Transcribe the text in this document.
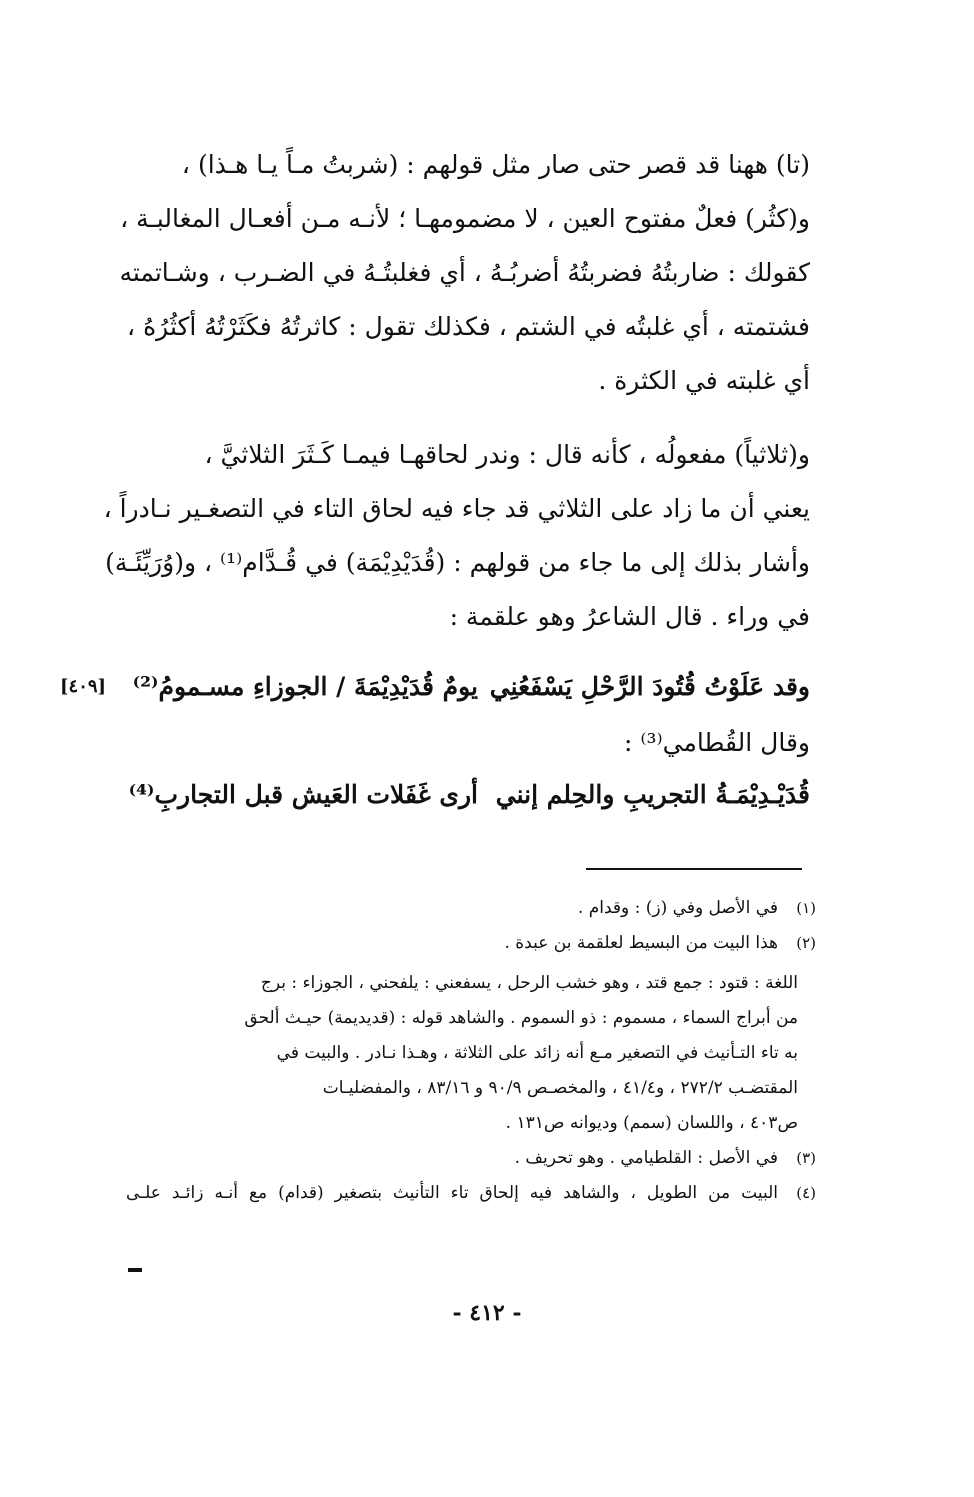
(تا) ههنا قد قصر حتى صار مثل قولهم : (شربتُ مـاً يـا هـذا) ،
و(كثُر) فعلٌ مفتوح العين ، لا مضمومهـا ؛ لأنـه مـن أفعـال المغالبـة ،
كقولك : ضاربتُهُ فضربتُهُ أضربُـهُ ، أي فغلبتُـهُ في الضـرب ، وشـاتمته
فشتمته ، أي غلبتُه في الشتم ، فكذلك تقول : كاثرتُهُ فكَثَرْتُهُ أكثُرُهُ ،
أي غلبته في الكثرة .
و(ثلاثياً) مفعولُه ، كأنه قال : وندر لحاقهـا فيمـا كَـثَرَ الثلاثيَّ ،
يعني أن ما زاد على الثلاثي قد جاء فيه لحاق التاء في التصغـير نـادراً ،
وأشار بذلك إلى ما جاء من قولهم : (قُدَيْدِيْمَة) في قُـدَّام⁽¹⁾ ، و(وُرَيِّئَـة)
في وراء . قال الشاعرُ وهو علقمة :
وقد عَلَوْتُ قُتُودَ الرَّحْلِ يَسْفَعُنِي
يومٌ قُدَيْدِيْمَةَ / الجوزاءِ مسـمومُ⁽²⁾
[٤٠٩]
وقال القُطامي⁽³⁾ :
أرى غَفَلات العَيش قبل التجاربِ⁽⁴⁾ قُدَيْـدِيْمَـةُ التجريبِ والحِلم إنني
(١)
في الأصل وفي (ز) : وقدام .
(٢)
هذا البيت من البسيط لعلقمة بن عبدة .
اللغة : قتود : جمع قتد ، وهو خشب الرحل ، يسفعني : يلفحني ، الجوزاء : برج
من أبراج السماء ، مسموم : ذو السموم . والشاهد قوله : (قديديمة) حيـث ألحق
به تاء التـأنيث في التصغير مـع أنه زائد على الثلاثة ، وهـذا نـادر . والبيت في
المقتضـب ٢٧٢/٢ ، و٤١/٤ ، والمخصـص ٩٠/٩ و ٨٣/١٦ ، والمفضليـات
ص٤٠٣ ، واللسان (سمم) وديوانه ص١٣١ .
(٣)
في الأصل : القلطيامي . وهو تحريف .
(٤)
البيت من الطويل ، والشاهد فيه إلحاق تاء التأنيث بتصغير (قدام) مع أنـه زائـد علـى
- ٤١٢ -
